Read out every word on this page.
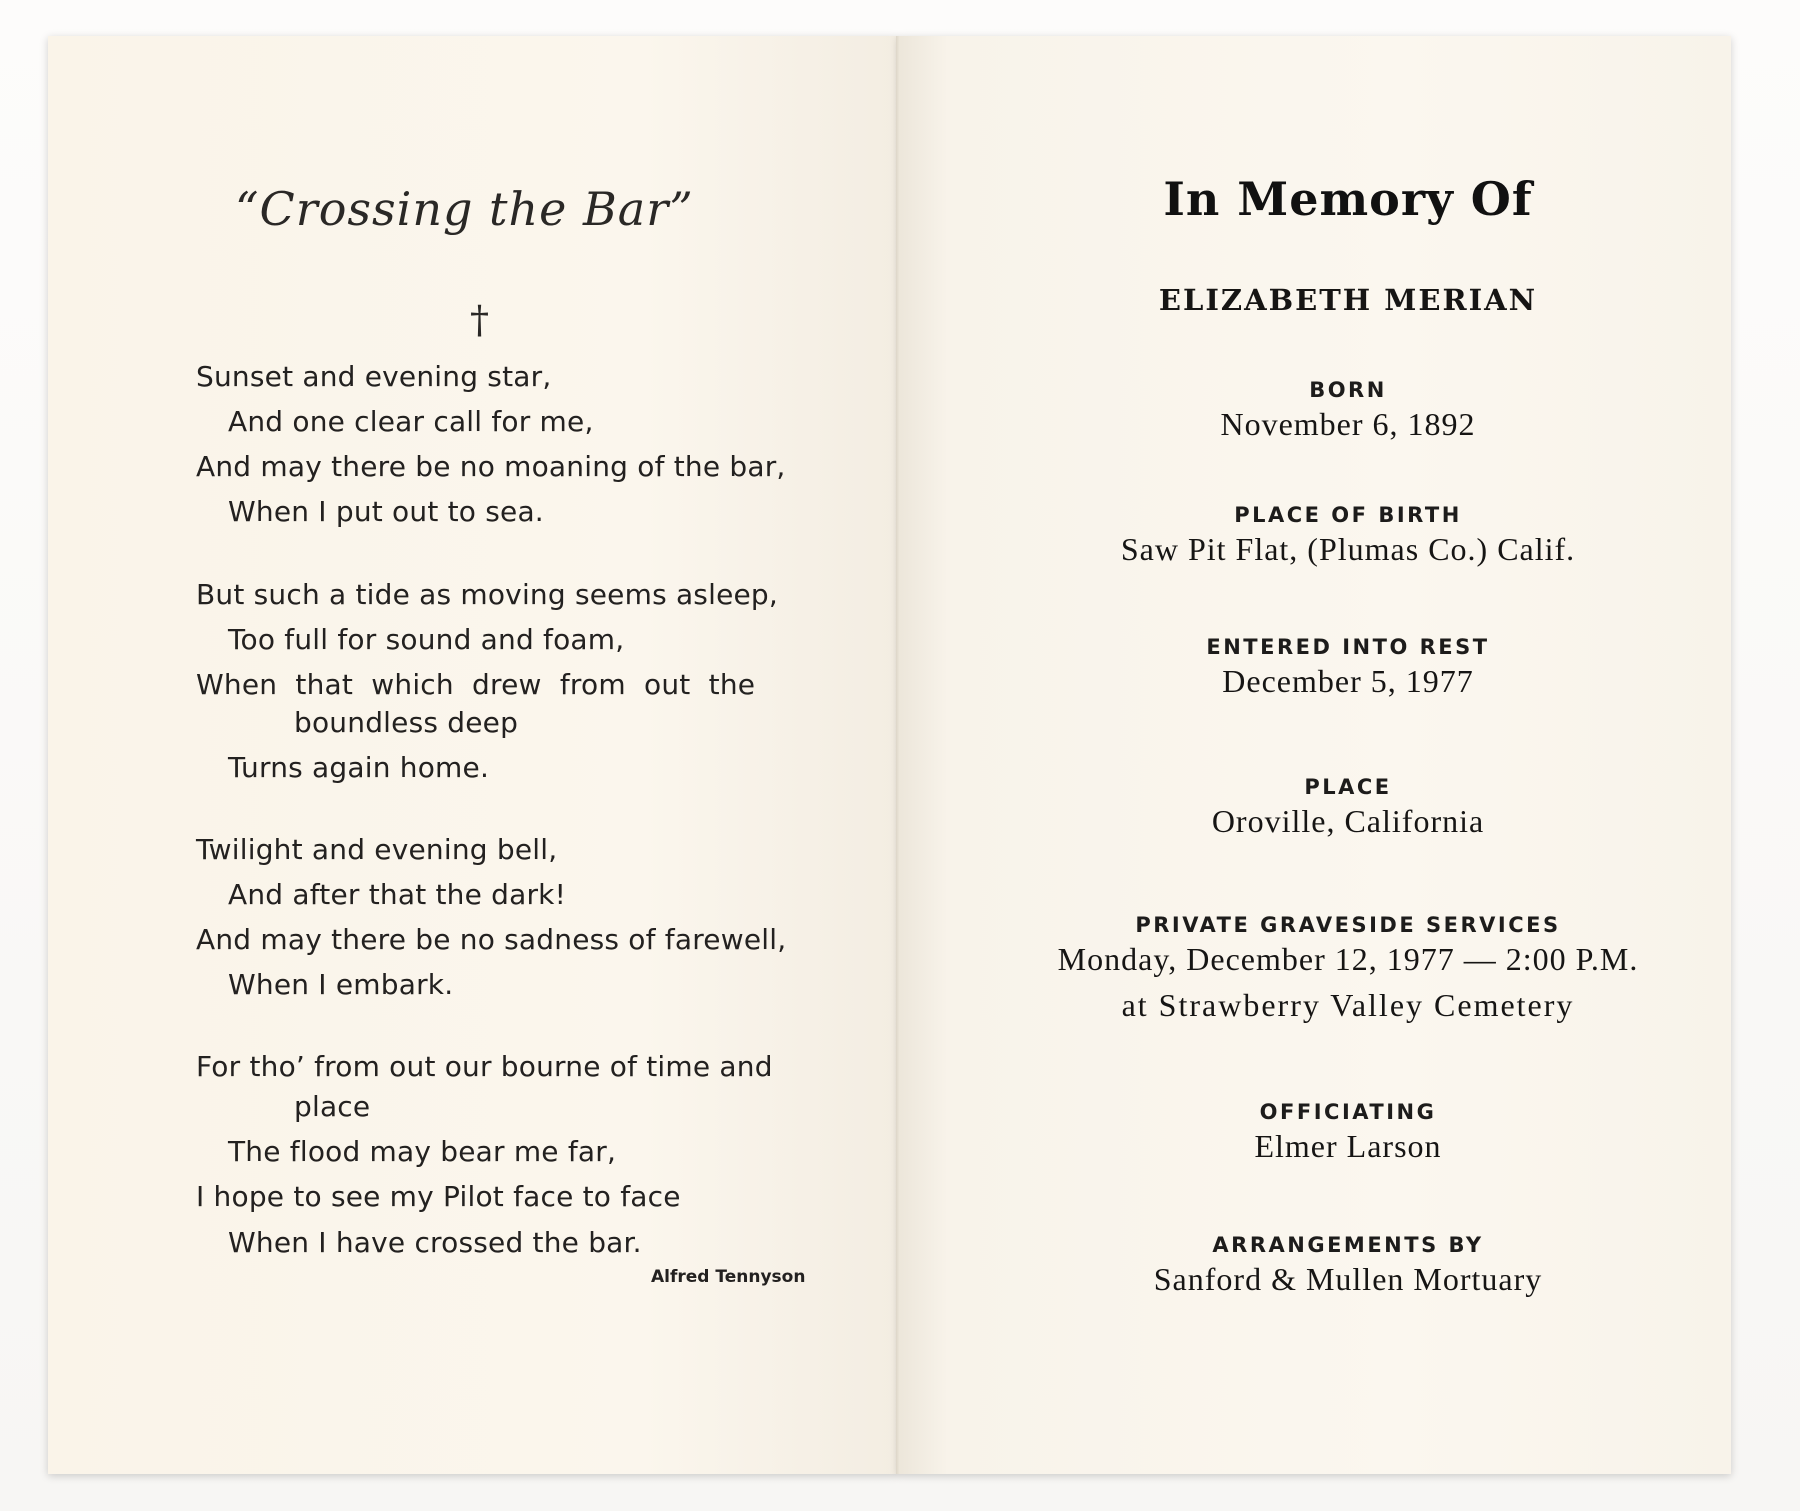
“Crossing the Bar”
†
Sunset and evening star,
And one clear call for me,
And may there be no moaning of the bar,
When I put out to sea.
But such a tide as moving seems asleep,
Too full for sound and foam,
When  that  which  drew  from  out  the
boundless deep
Turns again home.
Twilight and evening bell,
And after that the dark!
And may there be no sadness of farewell,
When I embark.
For tho’ from out our bourne of time and
place
The flood may bear me far,
I hope to see my Pilot face to face
When I have crossed the bar.
Alfred Tennyson
In Memory Of
ELIZABETH MERIAN
BORN
November 6, 1892
PLACE OF BIRTH
Saw Pit Flat, (Plumas Co.) Calif.
ENTERED INTO REST
December 5, 1977
PLACE
Oroville, California
PRIVATE GRAVESIDE SERVICES
Monday, December 12, 1977 — 2:00 P.M.
at Strawberry Valley Cemetery
OFFICIATING
Elmer Larson
ARRANGEMENTS BY
Sanford & Mullen Mortuary
